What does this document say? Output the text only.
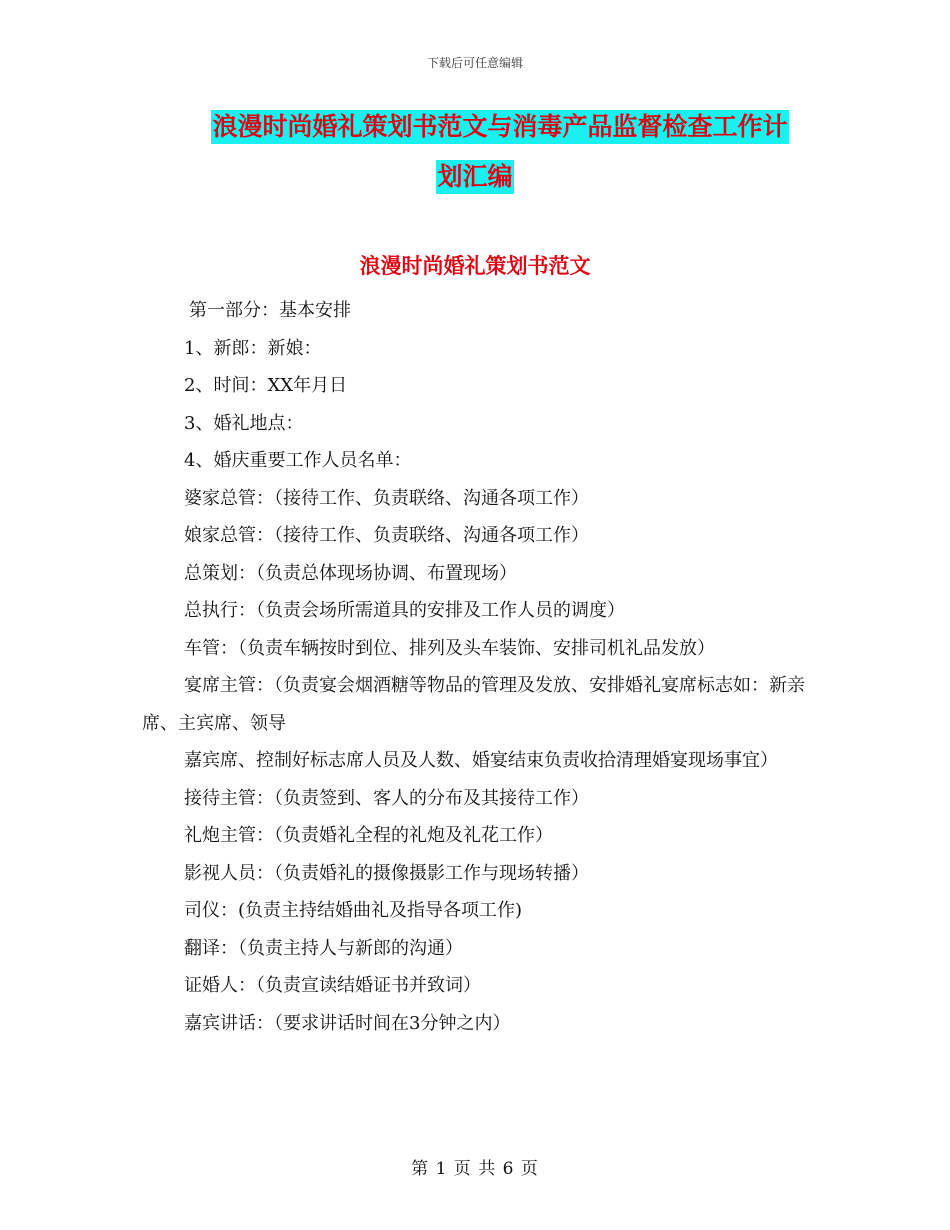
下载后可任意编辑
浪漫时尚婚礼策划书范文与消毒产品监督检查工作计
划汇编
浪漫时尚婚礼策划书范文

第一部分：基本安排

1、新郎：新娘：

2、时间：XX年月日

3、婚礼地点：

4、婚庆重要工作人员名单：

婆家总管：（接待工作、负责联络、沟通各项工作）

娘家总管：（接待工作、负责联络、沟通各项工作）

总策划：（负责总体现场协调、布置现场）

总执行：（负责会场所需道具的安排及工作人员的调度）

车管：（负责车辆按时到位、排列及头车装饰、安排司机礼品发放）

宴席主管：（负责宴会烟酒糖等物品的管理及发放、安排婚礼宴席标志如：新亲席、主宾席、领导

嘉宾席、控制好标志席人员及人数、婚宴结束负责收拾清理婚宴现场事宜）

接待主管：（负责签到、客人的分布及其接待工作）

礼炮主管：（负责婚礼全程的礼炮及礼花工作）

影视人员：（负责婚礼的摄像摄影工作与现场转播）

司仪：(负责主持结婚曲礼及指导各项工作)

翻译：（负责主持人与新郎的沟通）

证婚人：（负责宣读结婚证书并致词）

嘉宾讲话：（要求讲话时间在3分钟之内）

第 1 页 共 6 页
